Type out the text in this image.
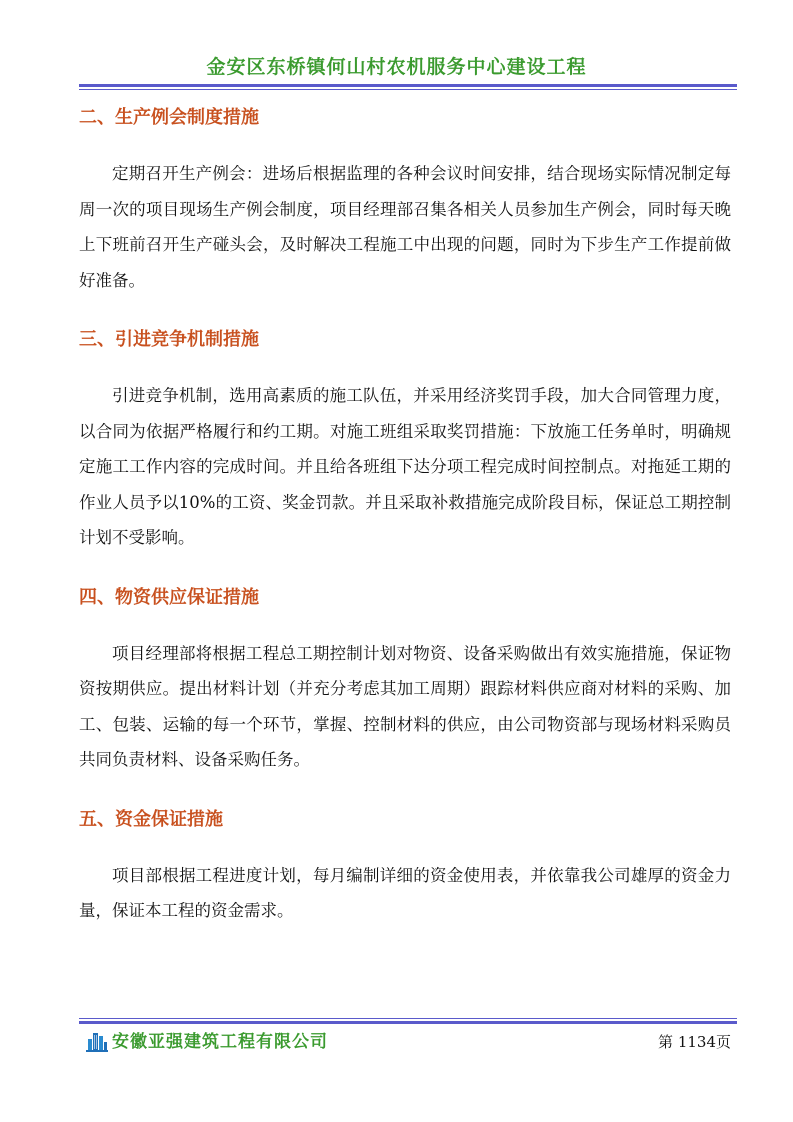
金安区东桥镇何山村农机服务中心建设工程
二、生产例会制度措施

定期召开生产例会：进场后根据监理的各种会议时间安排，结合现场实际情况制定每周一次的项目现场生产例会制度，项目经理部召集各相关人员参加生产例会，同时每天晚上下班前召开生产碰头会，及时解决工程施工中出现的问题，同时为下步生产工作提前做好准备。

三、引进竞争机制措施

引进竞争机制，选用高素质的施工队伍，并采用经济奖罚手段，加大合同管理力度，以合同为依据严格履行和约工期。对施工班组采取奖罚措施：下放施工任务单时，明确规定施工工作内容的完成时间。并且给各班组下达分项工程完成时间控制点。对拖延工期的作业人员予以10%的工资、奖金罚款。并且采取补救措施完成阶段目标，保证总工期控制计划不受影响。

四、物资供应保证措施

项目经理部将根据工程总工期控制计划对物资、设备采购做出有效实施措施，保证物资按期供应。提出材料计划（并充分考虑其加工周期）跟踪材料供应商对材料的采购、加工、包装、运输的每一个环节，掌握、控制材料的供应，由公司物资部与现场材料采购员共同负责材料、设备采购任务。

五、资金保证措施

项目部根据工程进度计划，每月编制详细的资金使用表，并依靠我公司雄厚的资金力量，保证本工程的资金需求。

安徽亚强建筑工程有限公司	第 1134页
